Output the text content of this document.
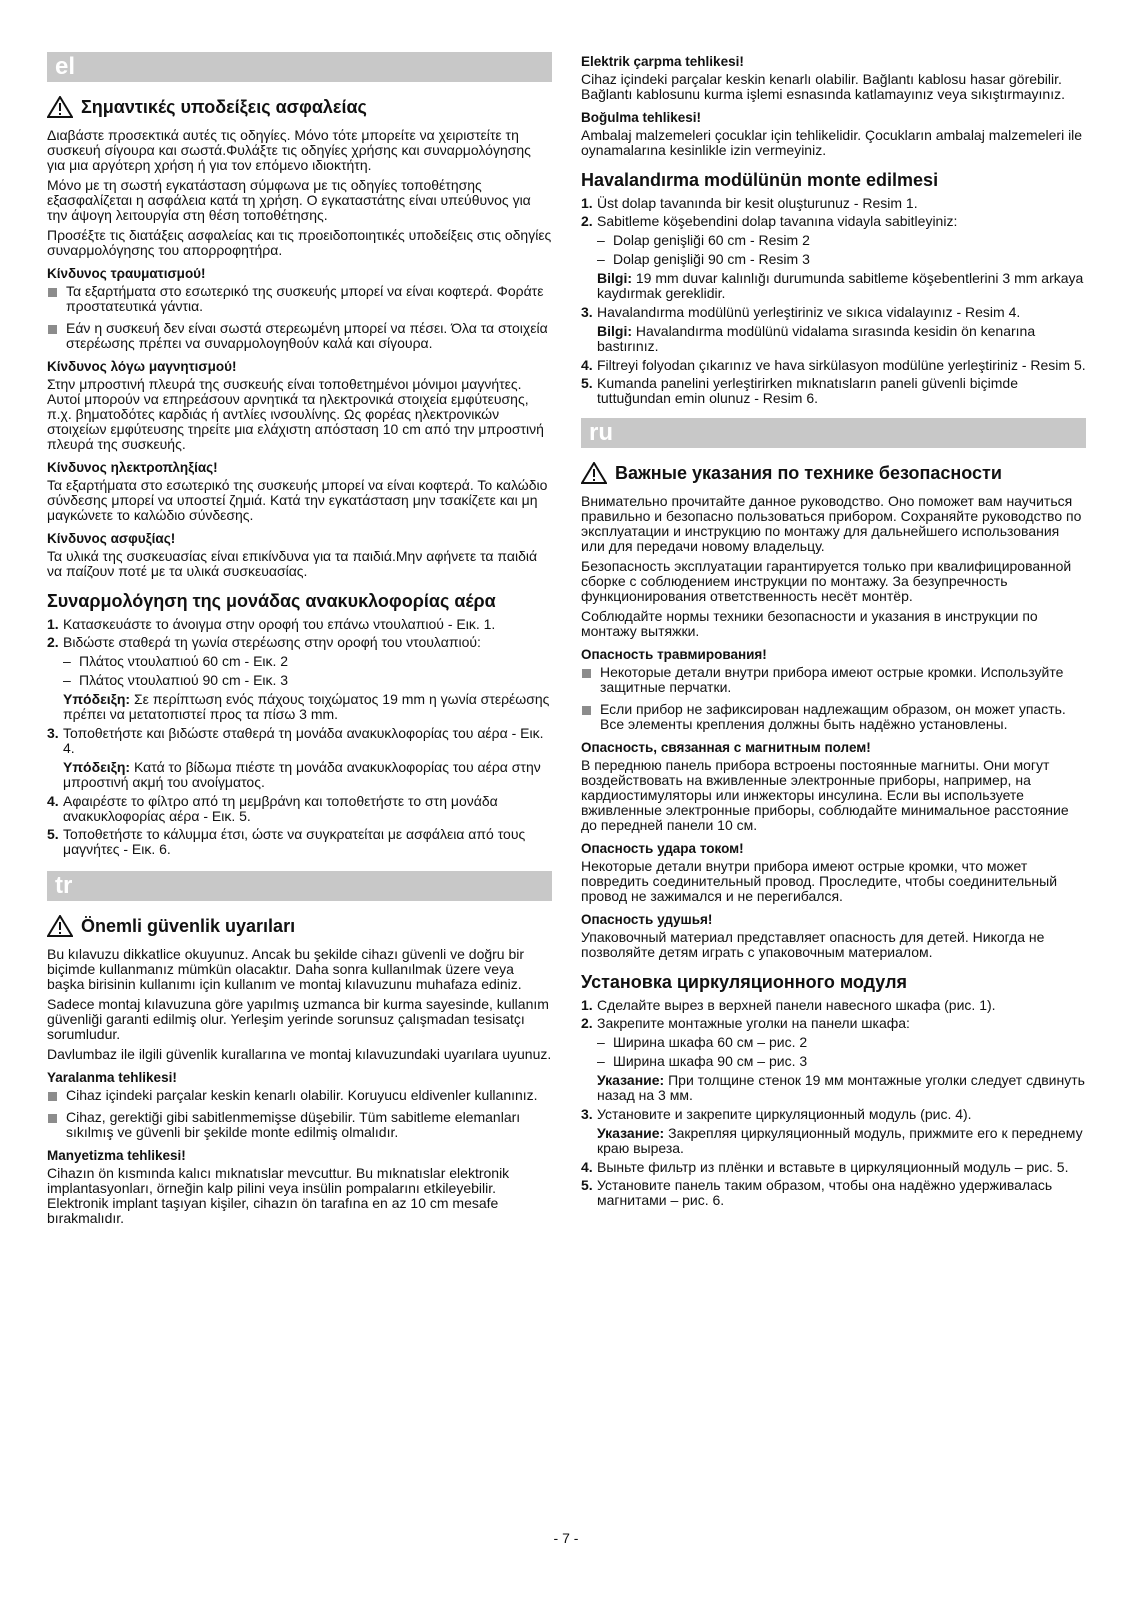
el
Σημαντικές υποδείξεις ασφαλείας

Διαβάστε προσεκτικά αυτές τις οδηγίες. Μόνο τότε μπορείτε να χειριστείτε τη συσκευή σίγουρα και σωστά.Φυλάξτε τις οδηγίες χρήσης και συναρμολόγησης για μια αργότερη χρήση ή για τον επόμενο ιδιοκτήτη.

Μόνο με τη σωστή εγκατάσταση σύμφωνα με τις οδηγίες τοποθέτησης εξασφαλίζεται η ασφάλεια κατά τη χρήση. Ο εγκαταστάτης είναι υπεύθυνος για την άψογη λειτουργία στη θέση τοποθέτησης.

Προσέξτε τις διατάξεις ασφαλείας και τις προειδοποιητικές υποδείξεις στις οδηγίες συναρμολόγησης του απορροφητήρα.

Κίνδυνος τραυματισμού!
Τα εξαρτήματα στο εσωτερικό της συσκευής μπορεί να είναι κοφτερά. Φοράτε προστατευτικά γάντια.
Εάν η συσκευή δεν είναι σωστά στερεωμένη μπορεί να πέσει. Όλα τα στοιχεία στερέωσης πρέπει να συναρμολογηθούν καλά και σίγουρα.
Κίνδυνος λόγω μαγνητισμού!

Στην μπροστινή πλευρά της συσκευής είναι τοποθετημένοι μόνιμοι μαγνήτες. Αυτοί μπορούν να επηρεάσουν αρνητικά τα ηλεκτρονικά στοιχεία εμφύτευσης, π.χ. βηματοδότες καρδιάς ή αντλίες ινσουλίνης. Ως φορέας ηλεκτρονικών στοιχείων εμφύτευσης τηρείτε μια ελάχιστη απόσταση 10 cm από την μπροστινή πλευρά της συσκευής.

Κίνδυνος ηλεκτροπληξίας!

Τα εξαρτήματα στο εσωτερικό της συσκευής μπορεί να είναι κοφτερά. Το καλώδιο σύνδεσης μπορεί να υποστεί ζημιά. Κατά την εγκατάσταση μην τσακίζετε και μη μαγκώνετε το καλώδιο σύνδεσης.

Κίνδυνος ασφυξίας!

Τα υλικά της συσκευασίας είναι επικίνδυνα για τα παιδιά.Μην αφήνετε τα παιδιά να παίζουν ποτέ με τα υλικά συσκευασίας.

Συναρμολόγηση της μονάδας ανακυκλοφορίας αέρα
1. Κατασκευάστε το άνοιγμα στην οροφή του επάνω ντουλαπιού - Εικ. 1.
2. Βιδώστε σταθερά τη γωνία στερέωσης στην οροφή του ντουλαπιού:
– Πλάτος ντουλαπιού 60 cm - Εικ. 2
– Πλάτος ντουλαπιού 90 cm - Εικ. 3
Υπόδειξη: Σε περίπτωση ενός πάχους τοιχώματος 19 mm η γωνία στερέωσης πρέπει να μετατοπιστεί προς τα πίσω 3 mm.
3. Τοποθετήστε και βιδώστε σταθερά τη μονάδα ανακυκλοφορίας του αέρα - Εικ. 4.
Υπόδειξη: Κατά το βίδωμα πιέστε τη μονάδα ανακυκλοφορίας του αέρα στην μπροστινή ακμή του ανοίγματος.
4. Αφαιρέστε το φίλτρο από τη μεμβράνη και τοποθετήστε το στη μονάδα ανακυκλοφορίας αέρα - Εικ. 5.
5. Τοποθετήστε το κάλυμμα έτσι, ώστε να συγκρατείται με ασφάλεια από τους μαγνήτες - Εικ. 6.
tr
Önemli güvenlik uyarıları

Bu kılavuzu dikkatlice okuyunuz. Ancak bu şekilde cihazı güvenli ve doğru bir biçimde kullanmanız mümkün olacaktır. Daha sonra kullanılmak üzere veya başka birisinin kullanımı için kullanım ve montaj kılavuzunu muhafaza ediniz.

Sadece montaj kılavuzuna göre yapılmış uzmanca bir kurma sayesinde, kullanım güvenliği garanti edilmiş olur. Yerleşim yerinde sorunsuz çalışmadan tesisatçı sorumludur.

Davlumbaz ile ilgili güvenlik kurallarına ve montaj kılavuzundaki uyarılara uyunuz.

Yaralanma tehlikesi!
Cihaz içindeki parçalar keskin kenarlı olabilir. Koruyucu eldivenler kullanınız.
Cihaz, gerektiği gibi sabitlenmemişse düşebilir. Tüm sabitleme elemanları sıkılmış ve güvenli bir şekilde monte edilmiş olmalıdır.
Manyetizma tehlikesi!

Cihazın ön kısmında kalıcı mıknatıslar mevcuttur. Bu mıknatıslar elektronik implantasyonları, örneğin kalp pilini veya insülin pompalarını etkileyebilir. Elektronik implant taşıyan kişiler, cihazın ön tarafına en az 10 cm mesafe bırakmalıdır.

Elektrik çarpma tehlikesi!

Cihaz içindeki parçalar keskin kenarlı olabilir. Bağlantı kablosu hasar görebilir. Bağlantı kablosunu kurma işlemi esnasında katlamayınız veya sıkıştırmayınız.

Boğulma tehlikesi!

Ambalaj malzemeleri çocuklar için tehlikelidir. Çocukların ambalaj malzemeleri ile oynamalarına kesinlikle izin vermeyiniz.

Havalandırma modülünün monte edilmesi
1. Üst dolap tavanında bir kesit oluşturunuz - Resim 1.
2. Sabitleme köşebendini dolap tavanına vidayla sabitleyiniz:
– Dolap genişliği 60 cm - Resim 2
– Dolap genişliği 90 cm - Resim 3
Bilgi: 19 mm duvar kalınlığı durumunda sabitleme köşebentlerini 3 mm arkaya kaydırmak gereklidir.
3. Havalandırma modülünü yerleştiriniz ve sıkıca vidalayınız - Resim 4.
Bilgi: Havalandırma modülünü vidalama sırasında kesidin ön kenarına bastırınız.
4. Filtreyi folyodan çıkarınız ve hava sirkülasyon modülüne yerleştiriniz - Resim 5.
5. Kumanda panelini yerleştirirken mıknatısların paneli güvenli biçimde tuttuğundan emin olunuz - Resim 6.
ru
Важные указания по технике безопасности

Внимательно прочитайте данное руководство. Оно поможет вам научиться правильно и безопасно пользоваться прибором. Сохраняйте руководство по эксплуатации и инструкцию по монтажу для дальнейшего использования или для передачи новому владельцу.

Безопасность эксплуатации гарантируется только при квалифицированной сборке с соблюдением инструкции по монтажу. За безупречность функционирования ответственность несёт монтёр.

Соблюдайте нормы техники безопасности и указания в инструкции по монтажу вытяжки.

Опасность травмирования!
Некоторые детали внутри прибора имеют острые кромки. Используйте защитные перчатки.
Если прибор не зафиксирован надлежащим образом, он может упасть. Все элементы крепления должны быть надёжно установлены.
Опасность, связанная с магнитным полем!

В переднюю панель прибора встроены постоянные магниты. Они могут воздействовать на вживленные электронные приборы, например, на кардиостимуляторы или инжекторы инсулина. Если вы используете вживленные электронные приборы, соблюдайте минимальное расстояние до передней панели 10 см.

Опасность удара током!

Некоторые детали внутри прибора имеют острые кромки, что может повредить соединительный провод. Проследите, чтобы соединительный провод не зажимался и не перегибался.

Опасность удушья!

Упаковочный материал представляет опасность для детей. Никогда не позволяйте детям играть с упаковочным материалом.

Установка циркуляционного модуля
1. Сделайте вырез в верхней панели навесного шкафа (рис. 1).
2. Закрепите монтажные уголки на панели шкафа:
– Ширина шкафа 60 см – рис. 2
– Ширина шкафа 90 см – рис. 3
Указание: При толщине стенок 19 мм монтажные уголки следует сдвинуть назад на 3 мм.
3. Установите и закрепите циркуляционный модуль (рис. 4).
Указание: Закрепляя циркуляционный модуль, прижмите его к переднему краю выреза.
4. Выньте фильтр из плёнки и вставьте в циркуляционный модуль – рис. 5.
5. Установите панель таким образом, чтобы она надёжно удерживалась магнитами – рис. 6.
- 7 -
